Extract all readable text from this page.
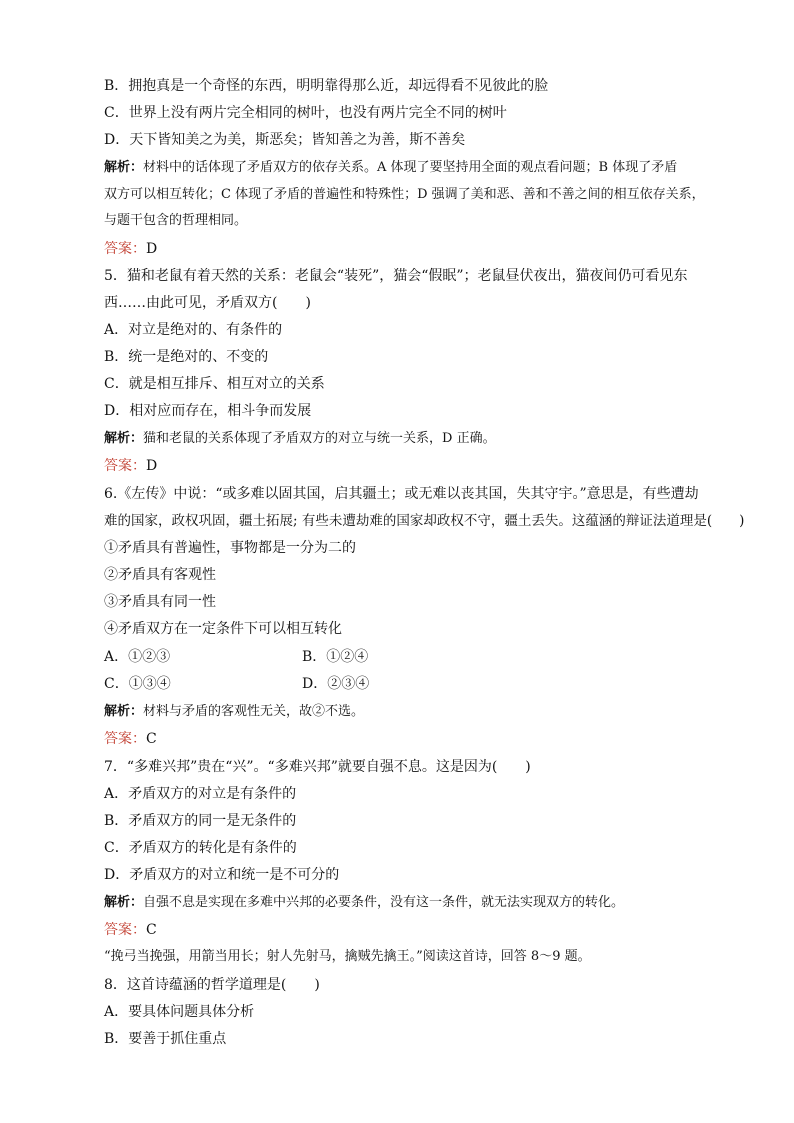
B．拥抱真是一个奇怪的东西，明明靠得那么近，却远得看不见彼此的脸
C．世界上没有两片完全相同的树叶，也没有两片完全不同的树叶
D．天下皆知美之为美，斯恶矣；皆知善之为善，斯不善矣
解析：材料中的话体现了矛盾双方的依存关系。A 体现了要坚持用全面的观点看问题；B 体现了矛盾
双方可以相互转化；C 体现了矛盾的普遍性和特殊性；D 强调了美和恶、善和不善之间的相互依存关系，
与题干包含的哲理相同。
答案：D
5．猫和老鼠有着天然的关系：老鼠会“装死”，猫会“假眠”；老鼠昼伏夜出，猫夜间仍可看见东
西……由此可见，矛盾双方(　　)
A．对立是绝对的、有条件的
B．统一是绝对的、不变的
C．就是相互排斥、相互对立的关系
D．相对应而存在，相斗争而发展
解析：猫和老鼠的关系体现了矛盾双方的对立与统一关系，D 正确。
答案：D
6.《左传》中说：“或多难以固其国，启其疆土；或无难以丧其国，失其守宇。”意思是，有些遭劫
难的国家，政权巩固，疆土拓展; 有些未遭劫难的国家却政权不守，疆土丢失。这蕴涵的辩证法道理是(　　)
①矛盾具有普遍性，事物都是一分为二的
②矛盾具有客观性
③矛盾具有同一性
④矛盾双方在一定条件下可以相互转化
A．①②③	B．①②④
C．①③④	D．②③④
解析：材料与矛盾的客观性无关，故②不选。
答案：C
7．“多难兴邦”贵在“兴”。“多难兴邦”就要自强不息。这是因为(　　)
A．矛盾双方的对立是有条件的
B．矛盾双方的同一是无条件的
C．矛盾双方的转化是有条件的
D．矛盾双方的对立和统一是不可分的
解析：自强不息是实现在多难中兴邦的必要条件，没有这一条件，就无法实现双方的转化。
答案：C
“挽弓当挽强，用箭当用长；射人先射马，擒贼先擒王。”阅读这首诗，回答 8～9 题。
8．这首诗蕴涵的哲学道理是(　　)
A．要具体问题具体分析
B．要善于抓住重点
